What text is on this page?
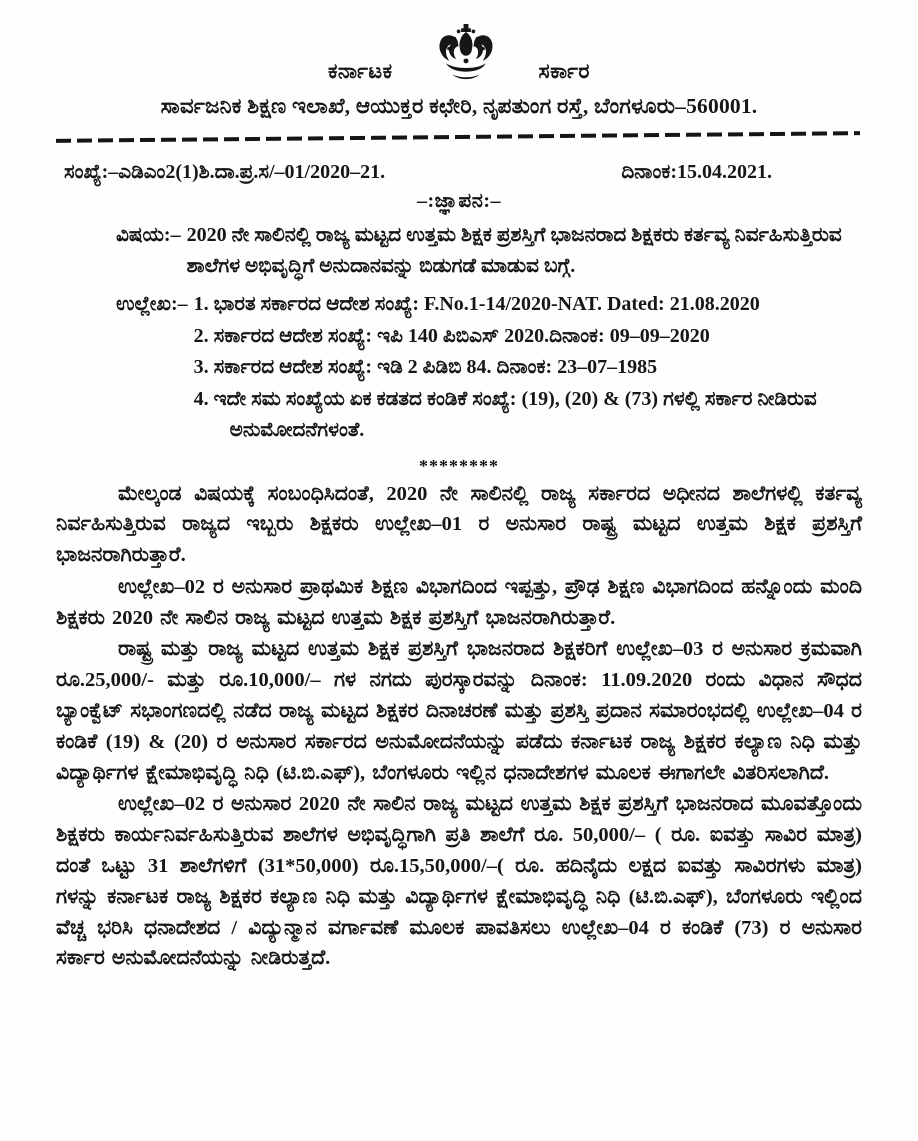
ಕರ್ನಾಟಕ	ಸರ್ಕಾರ
ಸಾರ್ವಜನಿಕ ಶಿಕ್ಷಣ ಇಲಾಖೆ, ಆಯುಕ್ತರ ಕಛೇರಿ, ನೃಪತುಂಗ ರಸ್ತೆ, ಬೆಂಗಳೂರು–560001.
ಸಂಖ್ಯೆ:–ಎಡಿಎಂ2(1)ಶಿ.ದಾ.ಪ್ರ.ಸ/–01/2020–21.	ದಿನಾಂಕ:15.04.2021.
–:ಜ್ಞಾಪನ:–
ವಿಷಯ:– 2020 ನೇ ಸಾಲಿನಲ್ಲಿ ರಾಜ್ಯ ಮಟ್ಟದ ಉತ್ತಮ ಶಿಕ್ಷಕ ಪ್ರಶಸ್ತಿಗೆ ಭಾಜನರಾದ ಶಿಕ್ಷಕರು ಕರ್ತವ್ಯ ನಿರ್ವಹಿಸುತ್ತಿರುವ ಶಾಲೆಗಳ ಅಭಿವೃದ್ಧಿಗೆ ಅನುದಾನವನ್ನು ಬಿಡುಗಡೆ ಮಾಡುವ ಬಗ್ಗೆ.
ಉಲ್ಲೇಖ:– 1. ಭಾರತ ಸರ್ಕಾರದ ಆದೇಶ ಸಂಖ್ಯೆ: F.No.1-14/2020-NAT. Dated: 21.08.2020
2. ಸರ್ಕಾರದ ಆದೇಶ ಸಂಖ್ಯೆ: ಇಪಿ 140 ಪಿಬಿಎಸ್ 2020.ದಿನಾಂಕ: 09–09–2020
3. ಸರ್ಕಾರದ ಆದೇಶ ಸಂಖ್ಯೆ: ಇಡಿ 2 ಪಿಡಿಬಿ 84. ದಿನಾಂಕ: 23–07–1985
4. ಇದೇ ಸಮ ಸಂಖ್ಯೆಯ ಏಕ ಕಡತದ ಕಂಡಿಕೆ ಸಂಖ್ಯೆ: (19), (20) & (73) ಗಳಲ್ಲಿ ಸರ್ಕಾರ ನೀಡಿರುವ ಅನುಮೋದನೆಗಳಂತೆ.
********

ಮೇಲ್ಕಂಡ ವಿಷಯಕ್ಕೆ ಸಂಬಂಧಿಸಿದಂತೆ, 2020 ನೇ ಸಾಲಿನಲ್ಲಿ ರಾಜ್ಯ ಸರ್ಕಾರದ ಅಧೀನದ ಶಾಲೆಗಳಲ್ಲಿ ಕರ್ತವ್ಯ ನಿರ್ವಹಿಸುತ್ತಿರುವ ರಾಜ್ಯದ ಇಬ್ಬರು ಶಿಕ್ಷಕರು ಉಲ್ಲೇಖ–01 ರ ಅನುಸಾರ ರಾಷ್ಟ್ರ ಮಟ್ಟದ ಉತ್ತಮ ಶಿಕ್ಷಕ ಪ್ರಶಸ್ತಿಗೆ ಭಾಜನರಾಗಿರುತ್ತಾರೆ.

ಉಲ್ಲೇಖ–02 ರ ಅನುಸಾರ ಪ್ರಾಥಮಿಕ ಶಿಕ್ಷಣ ವಿಭಾಗದಿಂದ ಇಪ್ಪತ್ತು, ಪ್ರೌಢ ಶಿಕ್ಷಣ ವಿಭಾಗದಿಂದ ಹನ್ನೊಂದು ಮಂದಿ ಶಿಕ್ಷಕರು 2020 ನೇ ಸಾಲಿನ ರಾಜ್ಯ ಮಟ್ಟದ ಉತ್ತಮ ಶಿಕ್ಷಕ ಪ್ರಶಸ್ತಿಗೆ ಭಾಜನರಾಗಿರುತ್ತಾರೆ.

ರಾಷ್ಟ್ರ ಮತ್ತು ರಾಜ್ಯ ಮಟ್ಟದ ಉತ್ತಮ ಶಿಕ್ಷಕ ಪ್ರಶಸ್ತಿಗೆ ಭಾಜನರಾದ ಶಿಕ್ಷಕರಿಗೆ ಉಲ್ಲೇಖ–03 ರ ಅನುಸಾರ ಕ್ರಮವಾಗಿ ರೂ.25,000/- ಮತ್ತು ರೂ.10,000/– ಗಳ ನಗದು ಪುರಸ್ಕಾರವನ್ನು ದಿನಾಂಕ: 11.09.2020 ರಂದು ವಿಧಾನ ಸೌಧದ ಬ್ಯಾಂಕ್ವೆಟ್ ಸಭಾಂಗಣದಲ್ಲಿ ನಡೆದ ರಾಜ್ಯ ಮಟ್ಟದ ಶಿಕ್ಷಕರ ದಿನಾಚರಣೆ ಮತ್ತು ಪ್ರಶಸ್ತಿ ಪ್ರದಾನ ಸಮಾರಂಭದಲ್ಲಿ ಉಲ್ಲೇಖ–04 ರ ಕಂಡಿಕೆ (19) & (20) ರ ಅನುಸಾರ ಸರ್ಕಾರದ ಅನುಮೋದನೆಯನ್ನು ಪಡೆದು ಕರ್ನಾಟಕ ರಾಜ್ಯ ಶಿಕ್ಷಕರ ಕಲ್ಯಾಣ ನಿಧಿ ಮತ್ತು ವಿದ್ಯಾರ್ಥಿಗಳ ಕ್ಷೇಮಾಭಿವೃದ್ಧಿ ನಿಧಿ (ಟಿ.ಬಿ.ಎಫ್), ಬೆಂಗಳೂರು ಇಲ್ಲಿನ ಧನಾದೇಶಗಳ ಮೂಲಕ ಈಗಾಗಲೇ ವಿತರಿಸಲಾಗಿದೆ.

ಉಲ್ಲೇಖ–02 ರ ಅನುಸಾರ 2020 ನೇ ಸಾಲಿನ ರಾಜ್ಯ ಮಟ್ಟದ ಉತ್ತಮ ಶಿಕ್ಷಕ ಪ್ರಶಸ್ತಿಗೆ ಭಾಜನರಾದ ಮೂವತ್ತೊಂದು ಶಿಕ್ಷಕರು ಕಾರ್ಯನಿರ್ವಹಿಸುತ್ತಿರುವ ಶಾಲೆಗಳ ಅಭಿವೃದ್ಧಿಗಾಗಿ ಪ್ರತಿ ಶಾಲೆಗೆ ರೂ. 50,000/– ( ರೂ. ಐವತ್ತು ಸಾವಿರ ಮಾತ್ರ) ದಂತೆ ಒಟ್ಟು 31 ಶಾಲೆಗಳಿಗೆ (31*50,000) ರೂ.15,50,000/–( ರೂ. ಹದಿನೈದು ಲಕ್ಷದ ಐವತ್ತು ಸಾವಿರಗಳು ಮಾತ್ರ) ಗಳನ್ನು ಕರ್ನಾಟಕ ರಾಜ್ಯ ಶಿಕ್ಷಕರ ಕಲ್ಯಾಣ ನಿಧಿ ಮತ್ತು ವಿದ್ಯಾರ್ಥಿಗಳ ಕ್ಷೇಮಾಭಿವೃದ್ಧಿ ನಿಧಿ (ಟಿ.ಬಿ.ಎಫ್), ಬೆಂಗಳೂರು ಇಲ್ಲಿಂದ ವೆಚ್ಚ ಭರಿಸಿ ಧನಾದೇಶದ / ವಿದ್ಯುನ್ಮಾನ ವರ್ಗಾವಣೆ ಮೂಲಕ ಪಾವತಿಸಲು ಉಲ್ಲೇಖ–04 ರ ಕಂಡಿಕೆ (73) ರ ಅನುಸಾರ ಸರ್ಕಾರ ಅನುಮೋದನೆಯನ್ನು ನೀಡಿರುತ್ತದೆ.
